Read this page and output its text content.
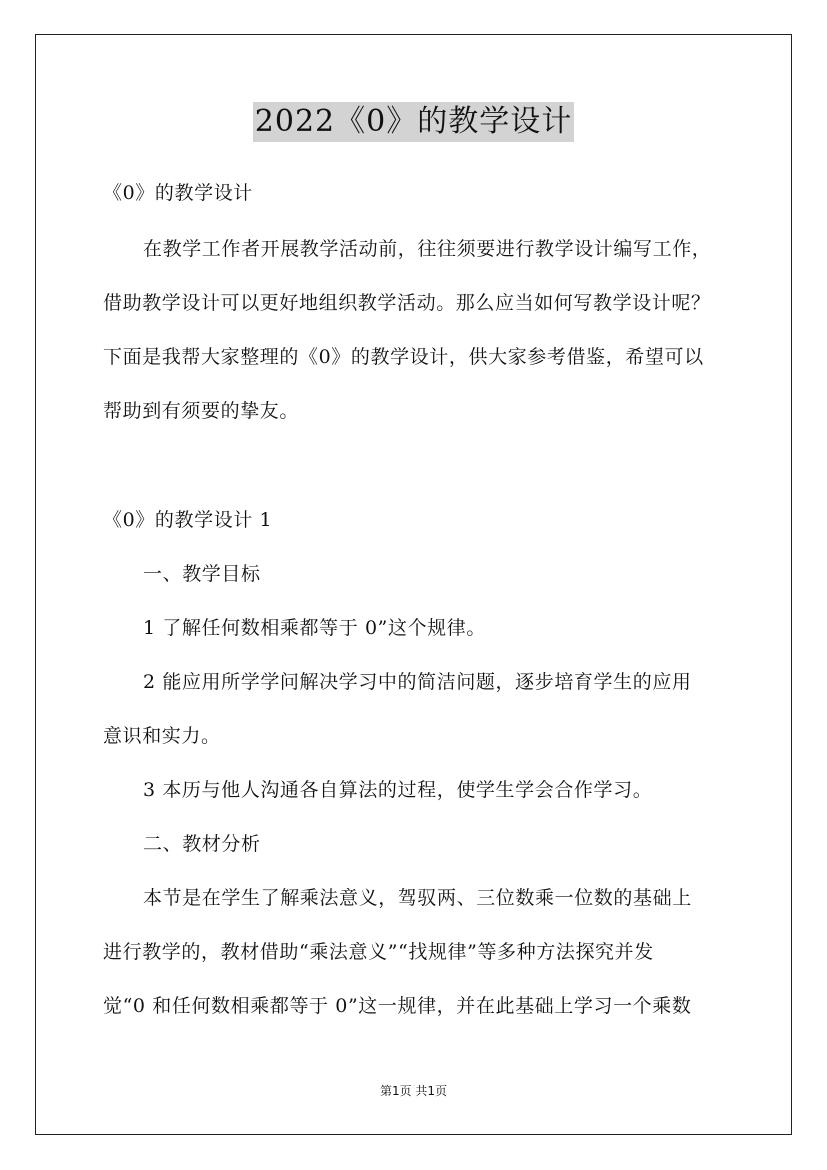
2022《0》的教学设计
《0》的教学设计
在教学工作者开展教学活动前，往往须要进行教学设计编写工作，
借助教学设计可以更好地组织教学活动。那么应当如何写教学设计呢？
下面是我帮大家整理的《0》的教学设计，供大家参考借鉴，希望可以
帮助到有须要的挚友。
《0》的教学设计 1
一、教学目标
1 了解任何数相乘都等于 0”这个规律。
2 能应用所学学问解决学习中的简洁问题，逐步培育学生的应用
意识和实力。
3 本历与他人沟通各自算法的过程，使学生学会合作学习。
二、教材分析
本节是在学生了解乘法意义，驾驭两、三位数乘一位数的基础上
进行教学的，教材借助“乘法意义”“找规律”等多种方法探究并发
觉“0 和任何数相乘都等于 0”这一规律，并在此基础上学习一个乘数
第1页 共1页
